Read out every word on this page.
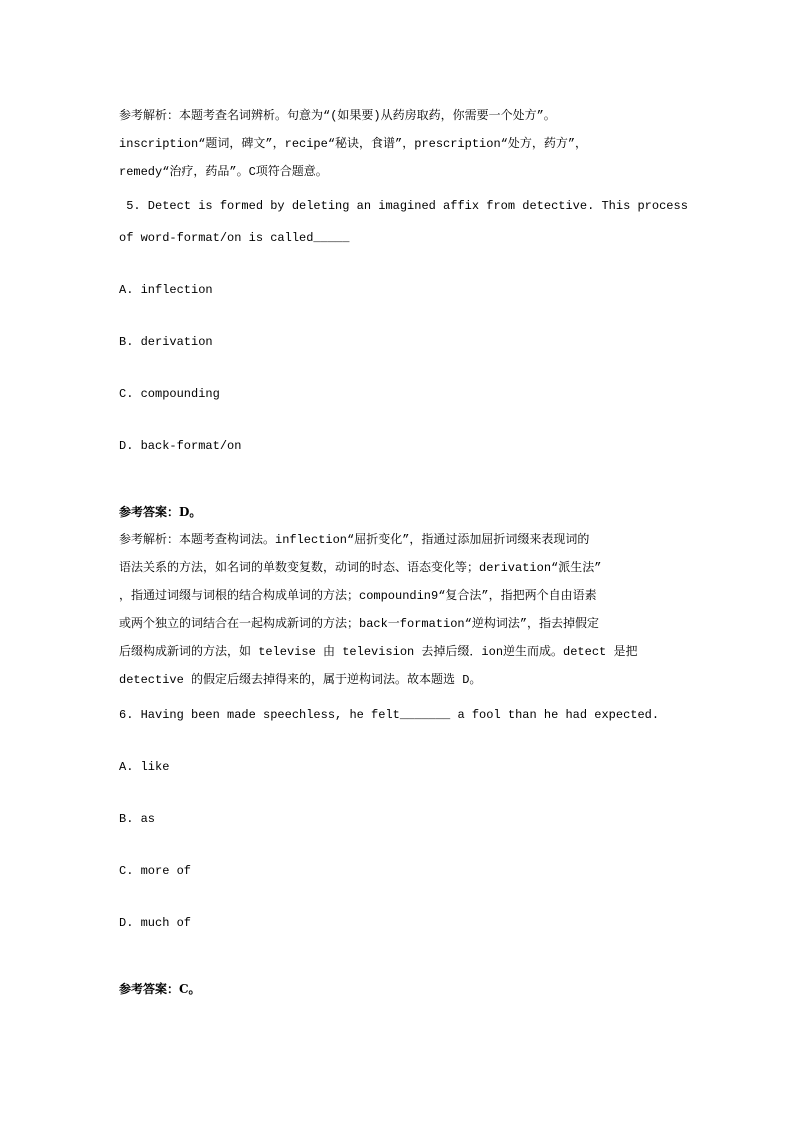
参考解析：本题考查名词辨析。句意为“(如果要)从药房取药，你需要一个处方”。
inscription“题词，碑文”，recipe“秘诀，食谱”，prescription“处方，药方”，
remedy“治疗，药品”。C项符合题意。
5. Detect is formed by deleting an imagined affix from detective. This process
of word-format/on is called_____
A. inflection
B. derivation
C. compounding
D. back-format/on
参考答案：D。
参考解析：本题考查构词法。inflection“屈折变化”，指通过添加屈折词缀来表现词的
语法关系的方法，如名词的单数变复数，动词的时态、语态变化等；derivation“派生法”
，指通过词缀与词根的结合构成单词的方法；compoundin9“复合法”，指把两个自由语素
或两个独立的词结合在一起构成新词的方法；back一formation“逆构词法”，指去掉假定
后缀构成新词的方法，如 televise 由 television 去掉后缀．ion逆生而成。detect 是把
detective 的假定后缀去掉得来的，属于逆构词法。故本题选 D。
6. Having been made speechless, he felt_______ a fool than he had expected.
A. like
B. as
C. more of
D. much of
参考答案：C。
